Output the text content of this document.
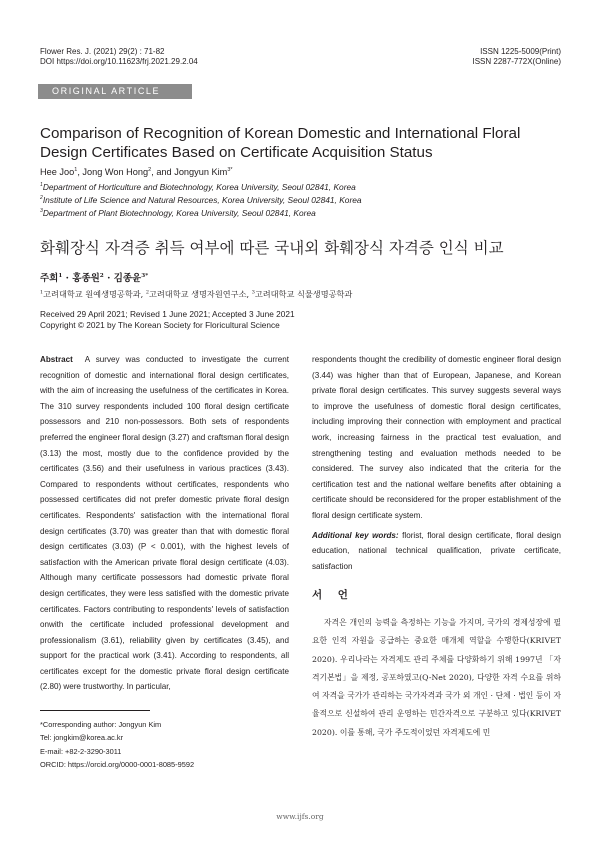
Flower Res. J. (2021) 29(2) : 71-82
DOI https://doi.org/10.11623/frj.2021.29.2.04
ISSN 1225-5009(Print)
ISSN 2287-772X(Online)
ORIGINAL ARTICLE
Comparison of Recognition of Korean Domestic and International Floral Design Certificates Based on Certificate Acquisition Status
Hee Joo$^1$, Jong Won Hong$^2$, and Jongyun Kim$^{3*}$
$^1$Department of Horticulture and Biotechnology, Korea University, Seoul 02841, Korea
$^2$Institute of Life Science and Natural Resources, Korea University, Seoul 02841, Korea
$^3$Department of Plant Biotechnology, Korea University, Seoul 02841, Korea
화훼장식 자격증 취득 여부에 따른 국내외 화훼장식 자격증 인식 비교
주희$^1$ · 홍종원$^2$ · 김종윤$^{3*}$
$^1$고려대학교 원예생명공학과, $^2$고려대학교 생명자원연구소, $^3$고려대학교 식물생명공학과
Received 29 April 2021; Revised 1 June 2021; Accepted 3 June 2021
Copyright © 2021 by The Korean Society for Floricultural Science

Abstract A survey was conducted to investigate the current recognition of domestic and international floral design certificates, with the aim of increasing the usefulness of the certificates in Korea. The 310 survey respondents included 100 floral design certificate possessors and 210 non-possessors. Both sets of respondents preferred the engineer floral design (3.27) and craftsman floral design (3.13) the most, mostly due to the confidence provided by the certificates (3.56) and their usefulness in various practices (3.43). Compared to respondents without certificates, respondents who possessed certificates did not prefer domestic private floral design certificates. Respondents' satisfaction with the international floral design certificates (3.70) was greater than that with domestic floral design certificates (3.03) (P < 0.001), with the highest levels of satisfaction with the American private floral design certificate (4.03). Although many certificate possessors had domestic private floral design certificates, they were less satisfied with the domestic private certificates. Factors contributing to respondents' levels of satisfaction onwith the certificate included professional development and professionalism (3.61), reliability given by certificates (3.45), and support for the practical work (3.41). According to respondents, all certificates except for the domestic private floral design certificate (2.80) were trustworthy. In particular,

respondents thought the credibility of domestic engineer floral design (3.44) was higher than that of European, Japanese, and Korean private floral design certificates. This survey suggests several ways to improve the usefulness of domestic floral design certificates, including improving their connection with employment and practical work, increasing fairness in the practical test evaluation, and strengthening testing and evaluation methods needed to be considered. The survey also indicated that the criteria for the certification test and the national welfare benefits after obtaining a certificate should be reconsidered for the proper establishment of the floral design certificate system.

Additional key words: florist, floral design certificate, floral design education, national technical qualification, private certificate, satisfaction

서 언

자격은 개인의 능력을 측정하는 기능을 가지며, 국가의 경제성장에 필요한 인적 자원을 공급하는 중요한 매개체 역할을 수행한다(KRIVET 2020). 우리나라는 자격제도 관리 주체를 다양화하기 위해 1997년 「자격기본법」을 제정, 공포하였고(Q-Net 2020), 다양한 자격 수요를 위하여 자격을 국가가 관리하는 국가자격과 국가 외 개인 · 단체 · 법인 등이 자율적으로 신설하여 관리 운영하는 민간자격으로 구분하고 있다(KRIVET 2020). 이를 통해, 국가 주도적이었던 자격제도에 민

*Corresponding author: Jongyun Kim
Tel: jongkim@korea.ac.kr
E-mail: +82-2-3290-3011
ORCID: https://orcid.org/0000-0001-8085-9592
www.ijfs.org
